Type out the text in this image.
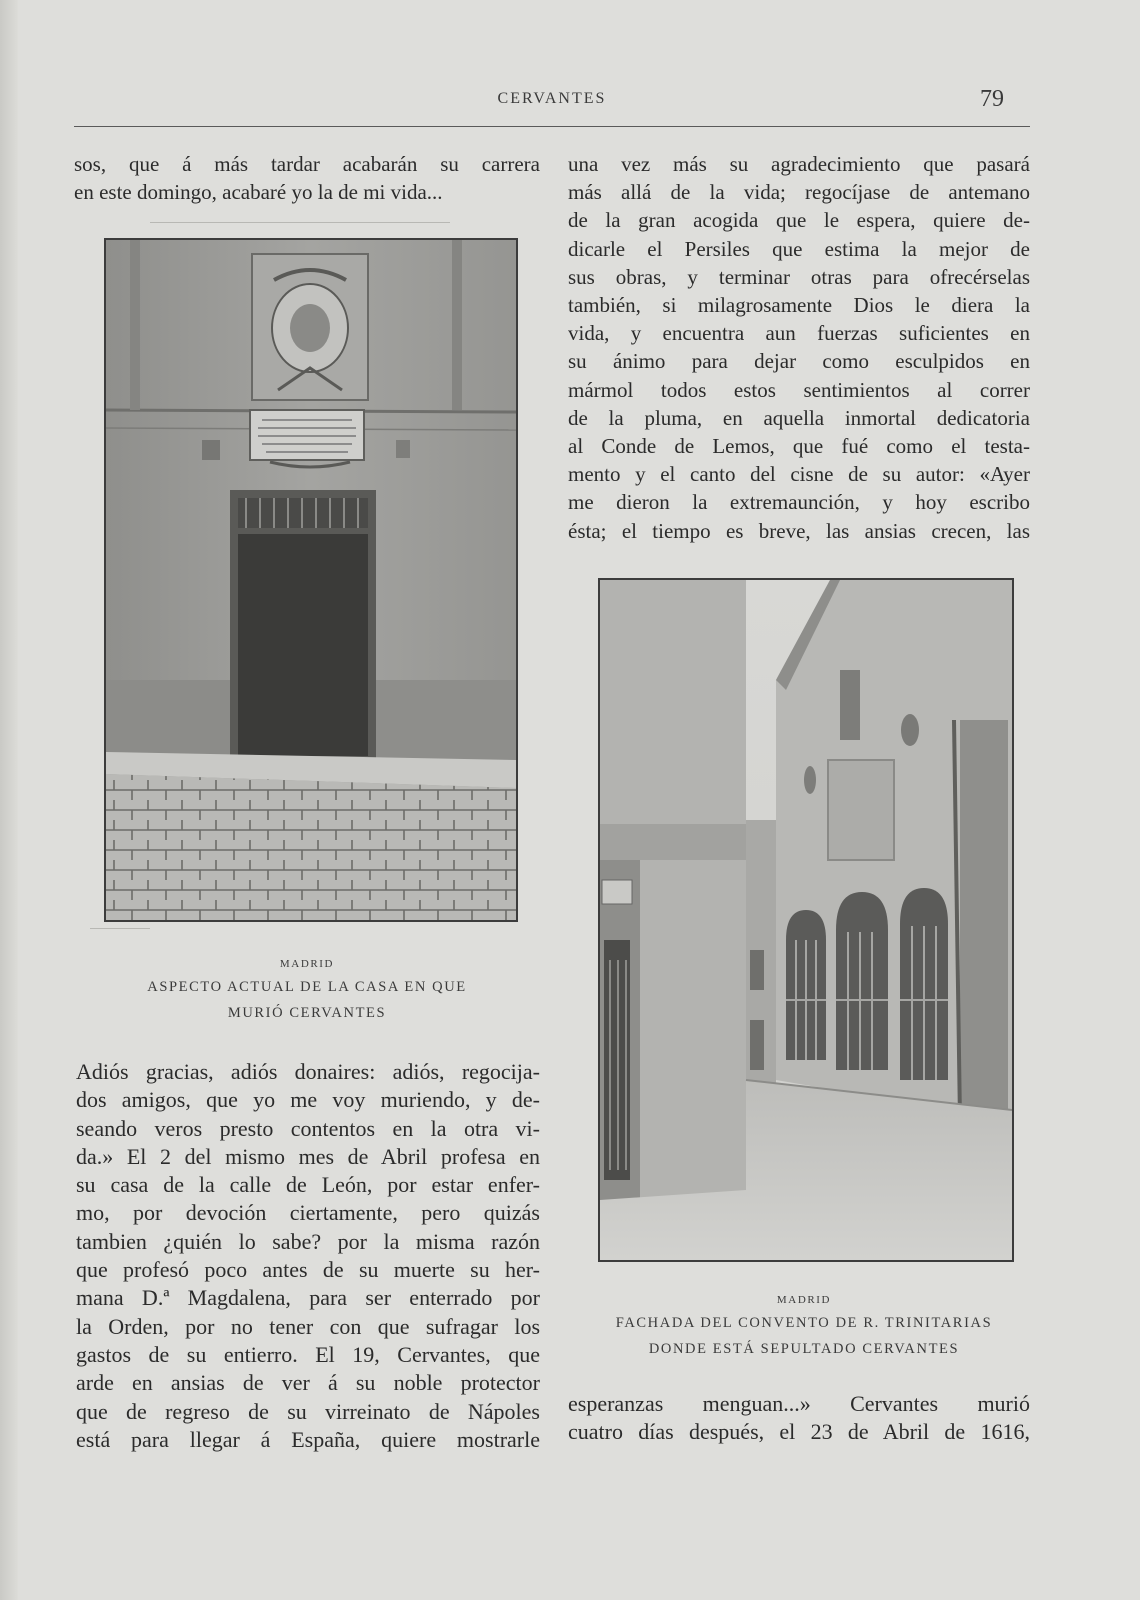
CERVANTES	79
sos, que á más tardar acabarán su carrera
en este domingo, acabaré yo la de mi vida...
MADRID
ASPECTO ACTUAL DE LA CASA EN QUE
MURIÓ CERVANTES
Adiós gracias, adiós donaires: adiós, regocija-
dos amigos, que yo me voy muriendo, y de-
seando veros presto contentos en la otra vi-
da.» El 2 del mismo mes de Abril profesa en
su casa de la calle de León, por estar enfer-
mo, por devoción ciertamente, pero quizás
tambien ¿quién lo sabe? por la misma razón
que profesó poco antes de su muerte su her-
mana D.ª Magdalena, para ser enterrado por
la Orden, por no tener con que sufragar los
gastos de su entierro. El 19, Cervantes, que
arde en ansias de ver á su noble protector
que de regreso de su virreinato de Nápoles
está para llegar á España, quiere mostrarle
una vez más su agradecimiento que pasará
más allá de la vida; regocíjase de antemano
de la gran acogida que le espera, quiere de-
dicarle el Persiles que estima la mejor de
sus obras, y terminar otras para ofrecérselas
también, si milagrosamente Dios le diera la
vida, y encuentra aun fuerzas suficientes en
su ánimo para dejar como esculpidos en
mármol todos estos sentimientos al correr
de la pluma, en aquella inmortal dedicatoria
al Conde de Lemos, que fué como el testa-
mento y el canto del cisne de su autor: «Ayer
me dieron la extremaunción, y hoy escribo
ésta; el tiempo es breve, las ansias crecen, las
MADRID
FACHADA DEL CONVENTO DE R. TRINITARIAS
DONDE ESTÁ SEPULTADO CERVANTES
esperanzas menguan...» Cervantes murió
cuatro días después, el 23 de Abril de 1616,
